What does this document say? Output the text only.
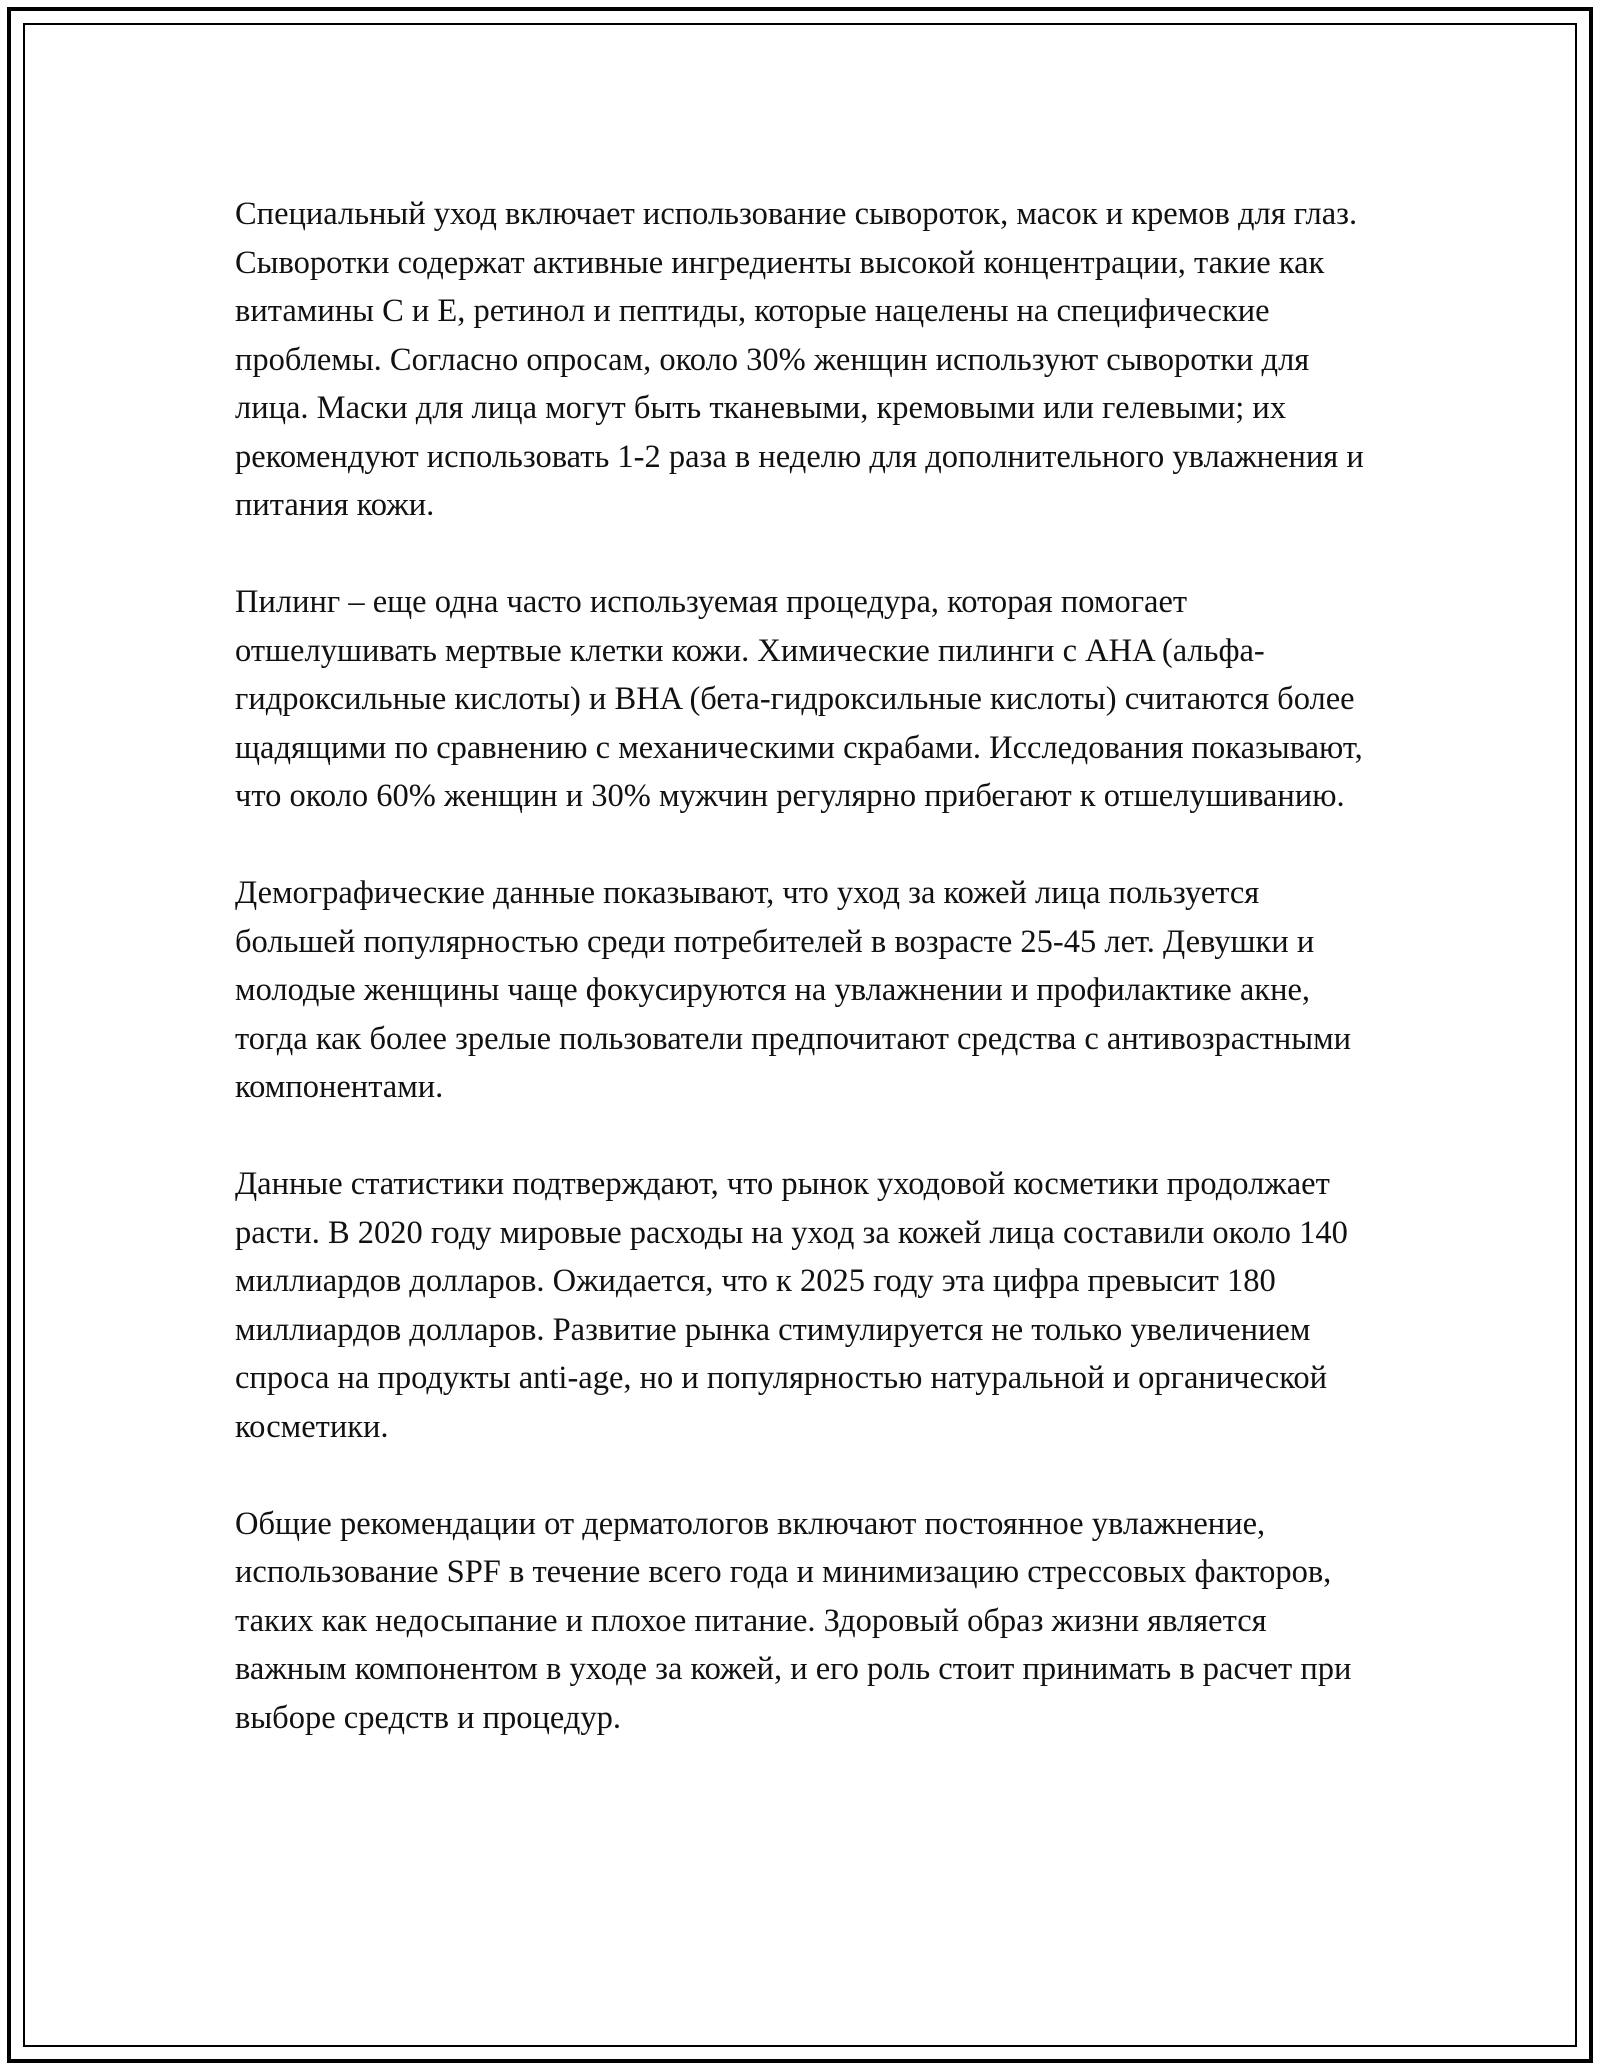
Специальный уход включает использование сывороток, масок и кремов для глаз. Сыворотки содержат активные ингредиенты высокой концентрации, такие как витамины C и E, ретинол и пептиды, которые нацелены на специфические проблемы. Согласно опросам, около 30% женщин используют сыворотки для лица. Маски для лица могут быть тканевыми, кремовыми или гелевыми; их рекомендуют использовать 1-2 раза в неделю для дополнительного увлажнения и питания кожи.

Пилинг – еще одна часто используемая процедура, которая помогает отшелушивать мертвые клетки кожи. Химические пилинги с AHA (альфа-гидроксильные кислоты) и BHA (бета-гидроксильные кислоты) считаются более щадящими по сравнению с механическими скрабами. Исследования показывают, что около 60% женщин и 30% мужчин регулярно прибегают к отшелушиванию.

Демографические данные показывают, что уход за кожей лица пользуется большей популярностью среди потребителей в возрасте 25-45 лет. Девушки и молодые женщины чаще фокусируются на увлажнении и профилактике акне, тогда как более зрелые пользователи предпочитают средства с антивозрастными компонентами.

Данные статистики подтверждают, что рынок уходовой косметики продолжает расти. В 2020 году мировые расходы на уход за кожей лица составили около 140 миллиардов долларов. Ожидается, что к 2025 году эта цифра превысит 180 миллиардов долларов. Развитие рынка стимулируется не только увеличением спроса на продукты anti-age, но и популярностью натуральной и органической косметики.

Общие рекомендации от дерматологов включают постоянное увлажнение, использование SPF в течение всего года и минимизацию стрессовых факторов, таких как недосыпание и плохое питание. Здоровый образ жизни является важным компонентом в уходе за кожей, и его роль стоит принимать в расчет при выборе средств и процедур.
